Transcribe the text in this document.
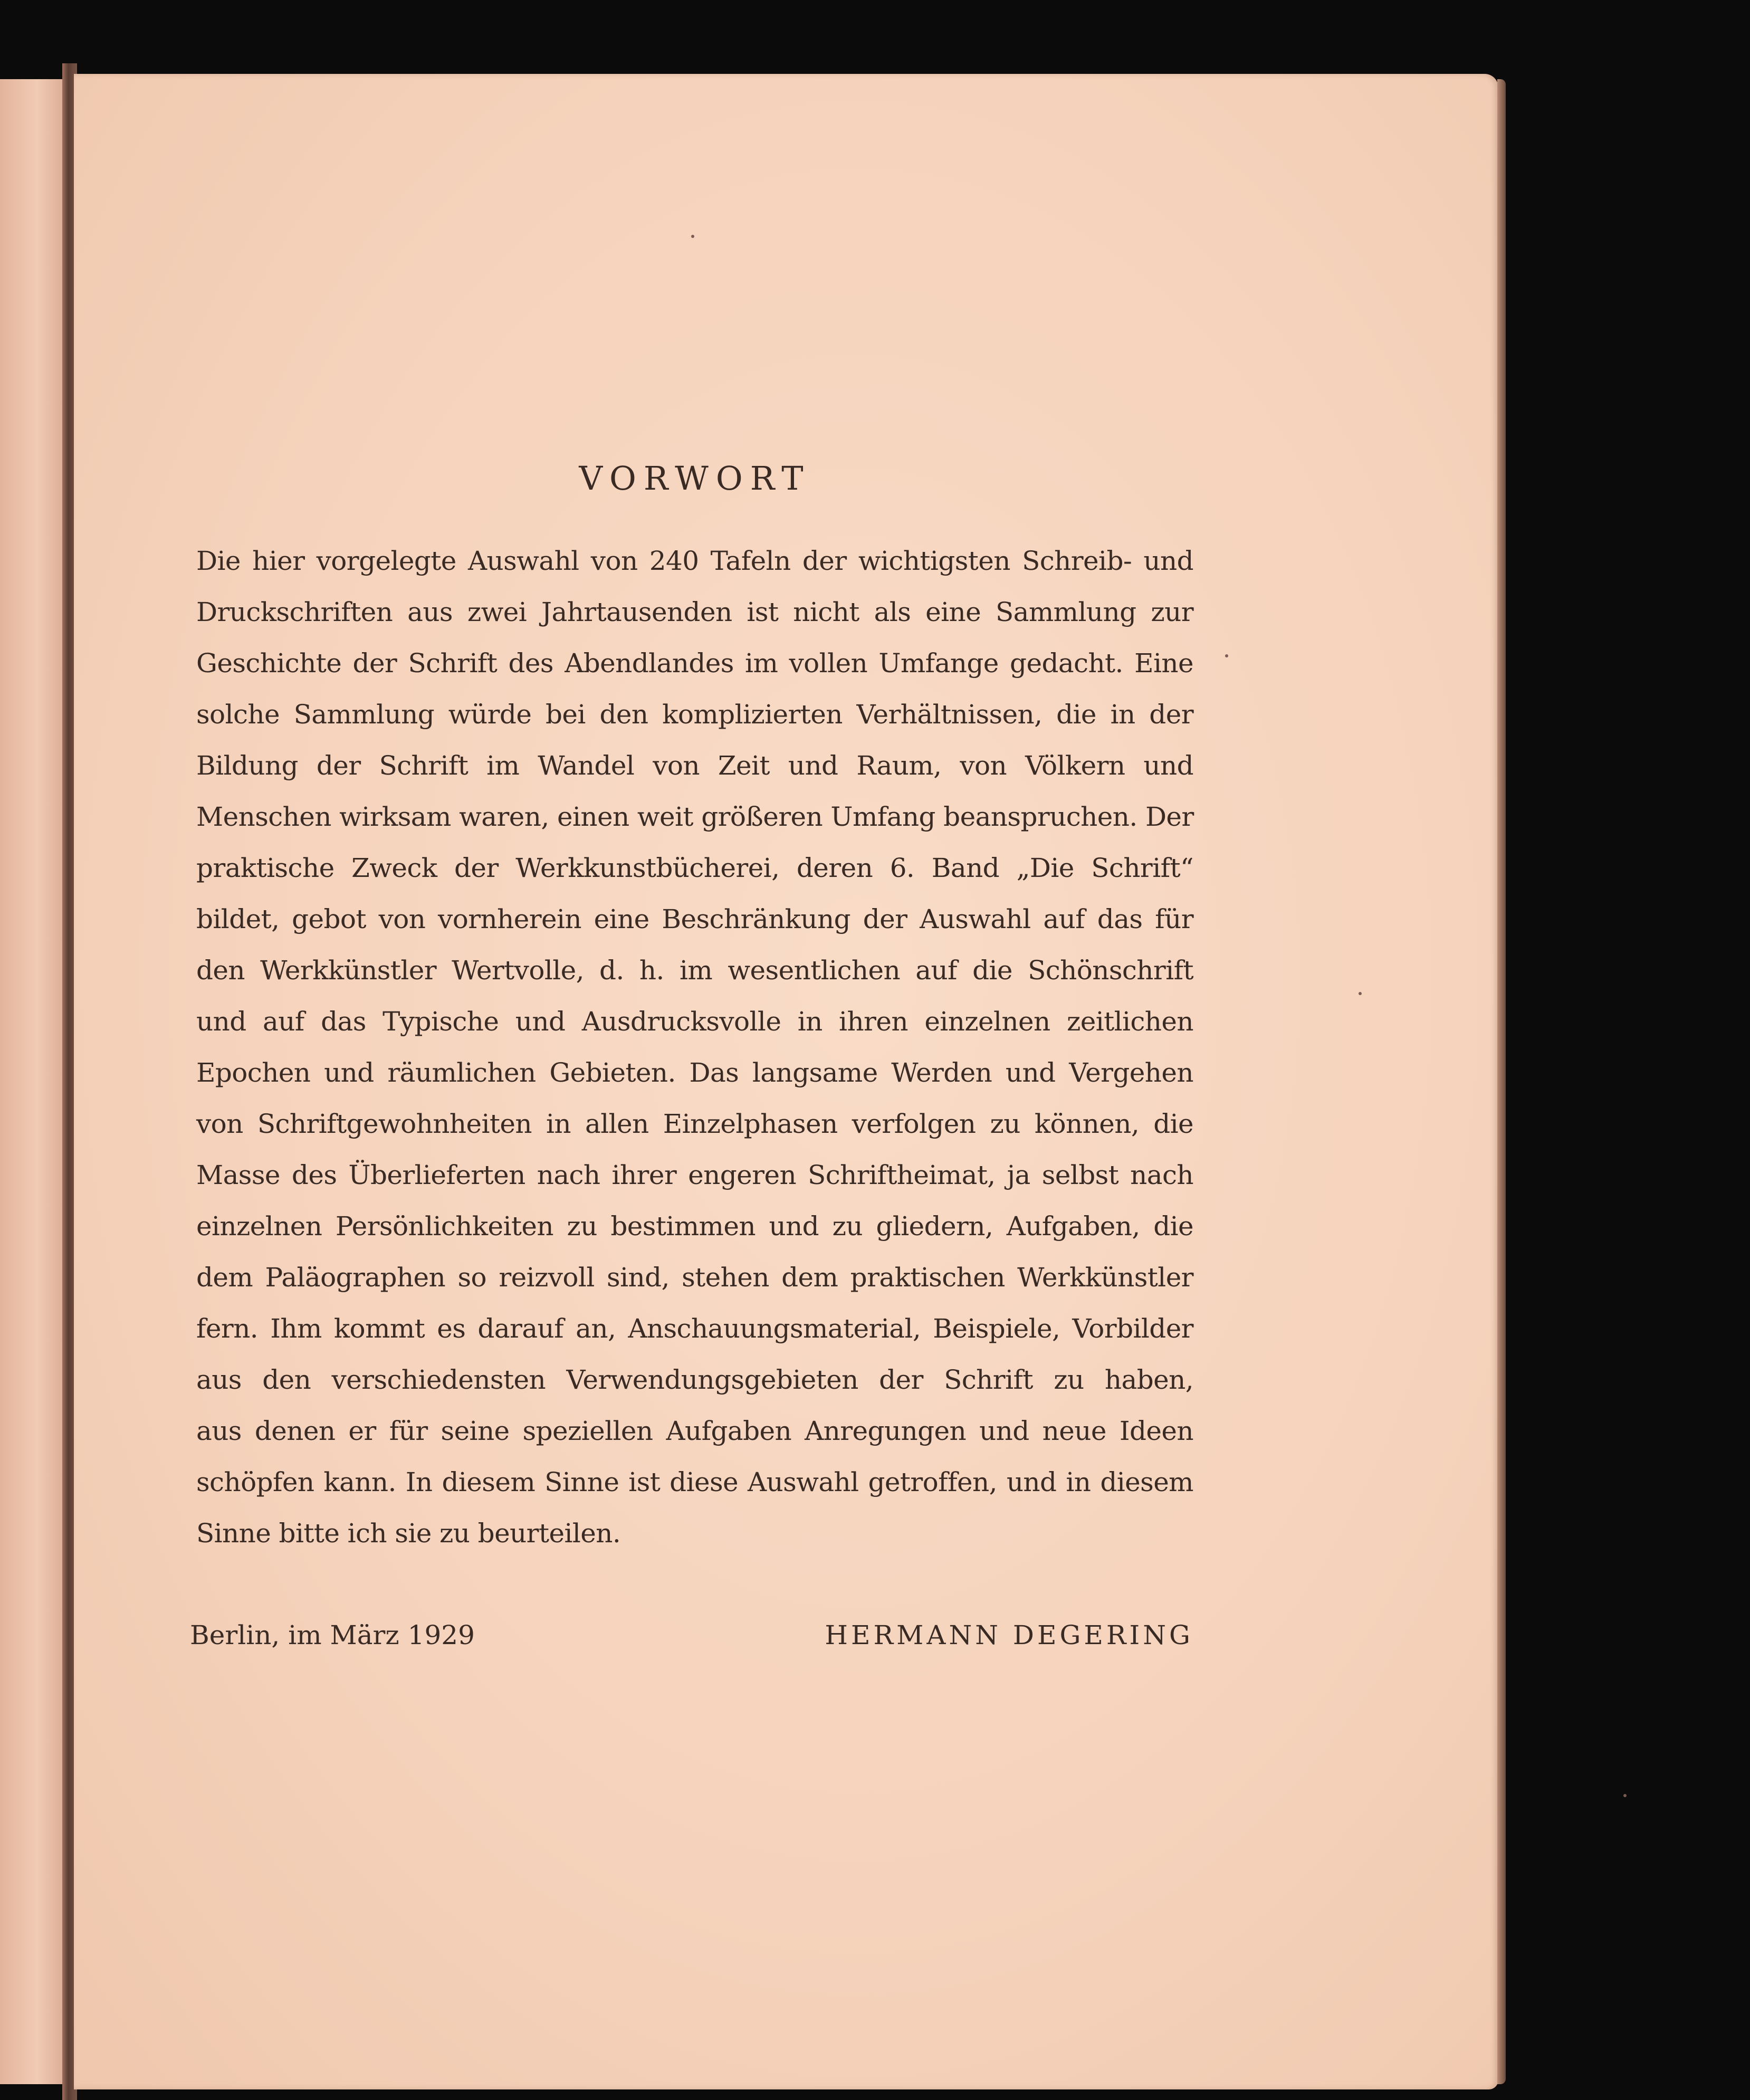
VORWORT
Die hier vorgelegte Auswahl von 240 Tafeln der wichtigsten Schreib- und
Druckschriften aus zwei Jahrtausenden ist nicht als eine Sammlung zur
Geschichte der Schrift des Abendlandes im vollen Umfange gedacht. Eine
solche Sammlung würde bei den komplizierten Verhältnissen, die in der
Bildung der Schrift im Wandel von Zeit und Raum, von Völkern und
Menschen wirksam waren, einen weit größeren Umfang beanspruchen. Der
praktische Zweck der Werkkunstbücherei, deren 6. Band „Die Schrift“
bildet, gebot von vornherein eine Beschränkung der Auswahl auf das für
den Werkkünstler Wertvolle, d. h. im wesentlichen auf die Schönschrift
und auf das Typische und Ausdrucksvolle in ihren einzelnen zeitlichen
Epochen und räumlichen Gebieten. Das langsame Werden und Vergehen
von Schriftgewohnheiten in allen Einzelphasen verfolgen zu können, die
Masse des Überlieferten nach ihrer engeren Schriftheimat, ja selbst nach
einzelnen Persönlichkeiten zu bestimmen und zu gliedern, Aufgaben, die
dem Paläographen so reizvoll sind, stehen dem praktischen Werkkünstler
fern. Ihm kommt es darauf an, Anschauungsmaterial, Beispiele, Vorbilder
aus den verschiedensten Verwendungsgebieten der Schrift zu haben,
aus denen er für seine speziellen Aufgaben Anregungen und neue Ideen
schöpfen kann. In diesem Sinne ist diese Auswahl getroffen, und in diesem
Sinne bitte ich sie zu beurteilen.
Berlin, im März 1929	HERMANN DEGERING
